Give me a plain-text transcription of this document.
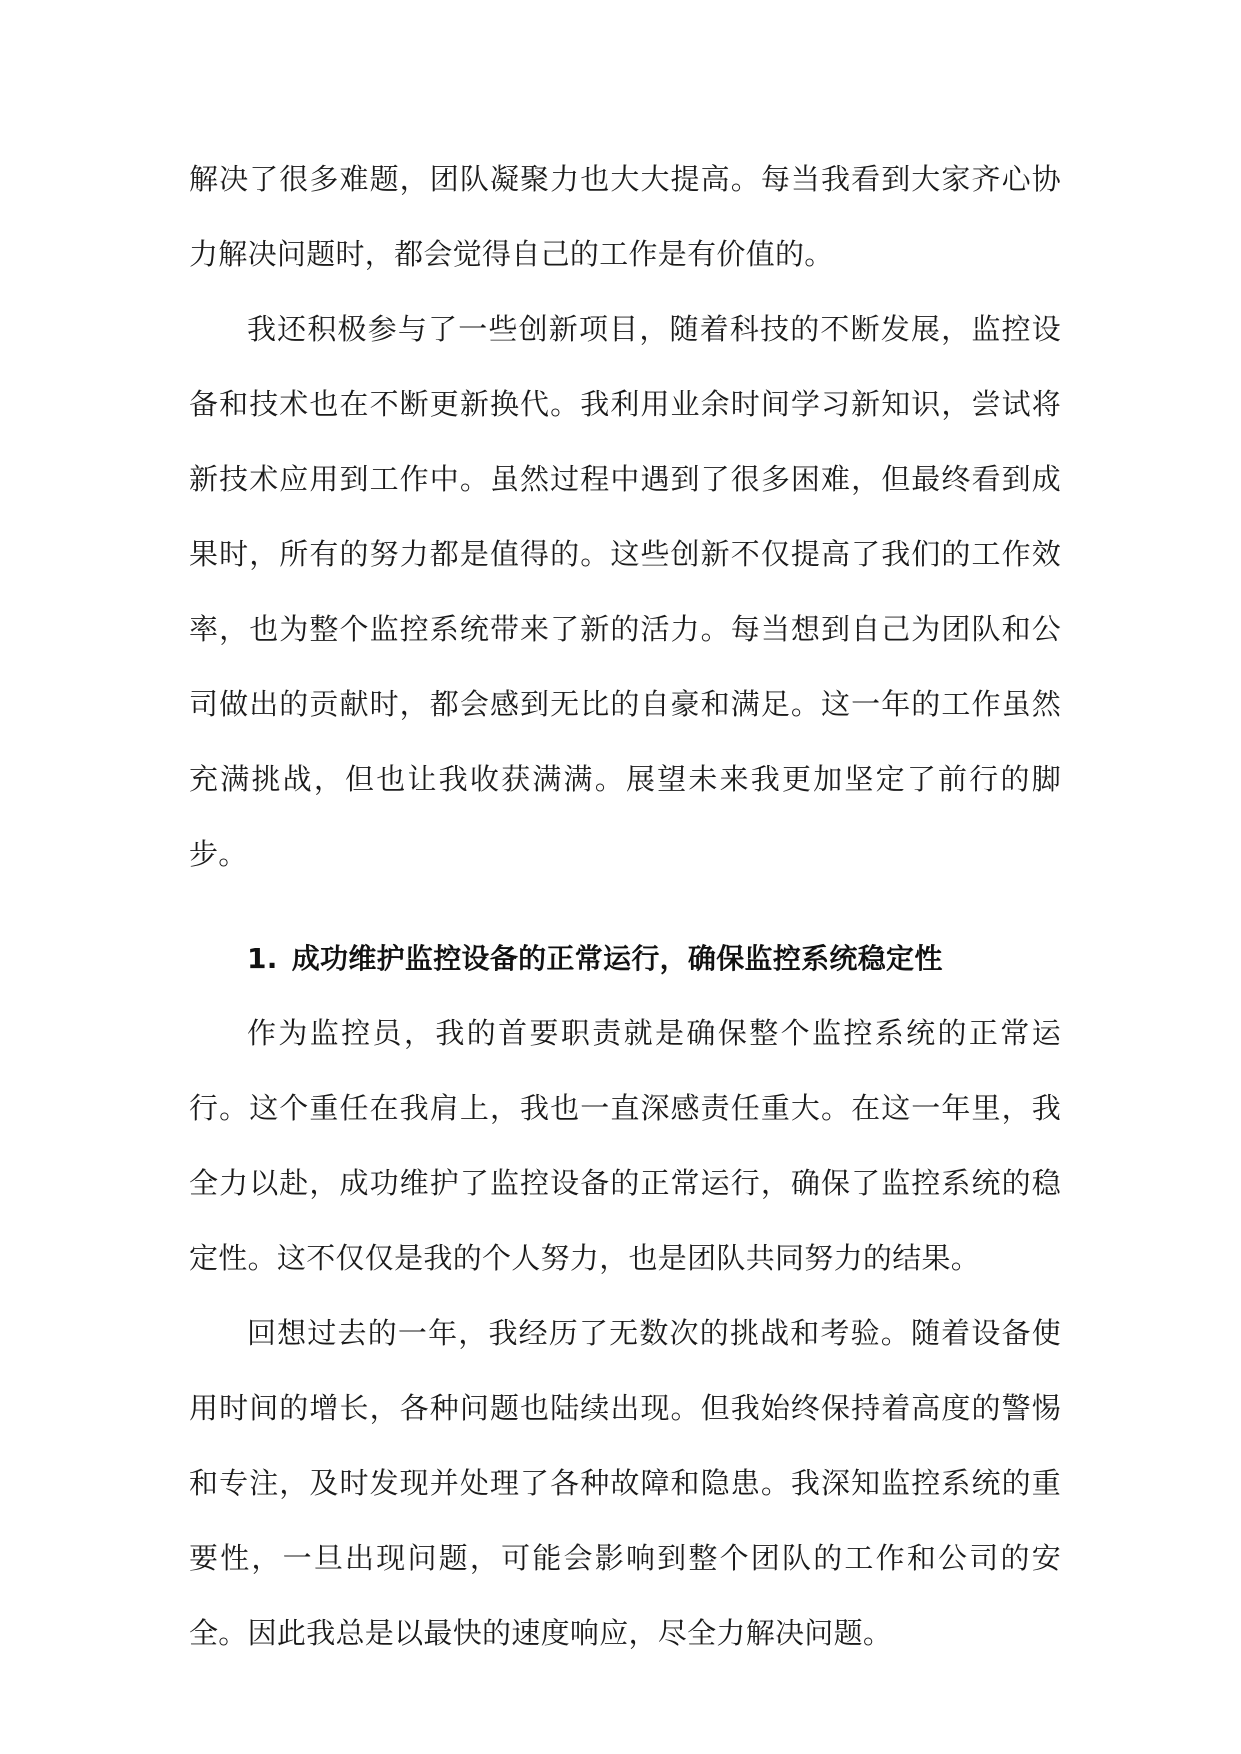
解决了很多难题，团队凝聚力也大大提高。每当我看到大家齐心协力解决问题时，都会觉得自己的工作是有价值的。

我还积极参与了一些创新项目，随着科技的不断发展，监控设备和技术也在不断更新换代。我利用业余时间学习新知识，尝试将新技术应用到工作中。虽然过程中遇到了很多困难，但最终看到成果时，所有的努力都是值得的。这些创新不仅提高了我们的工作效率，也为整个监控系统带来了新的活力。每当想到自己为团队和公司做出的贡献时，都会感到无比的自豪和满足。这一年的工作虽然充满挑战，但也让我收获满满。展望未来我更加坚定了前行的脚步。

1. 成功维护监控设备的正常运行，确保监控系统稳定性

作为监控员，我的首要职责就是确保整个监控系统的正常运行。这个重任在我肩上，我也一直深感责任重大。在这一年里，我全力以赴，成功维护了监控设备的正常运行，确保了监控系统的稳定性。这不仅仅是我的个人努力，也是团队共同努力的结果。

回想过去的一年，我经历了无数次的挑战和考验。随着设备使用时间的增长，各种问题也陆续出现。但我始终保持着高度的警惕和专注，及时发现并处理了各种故障和隐患。我深知监控系统的重要性，一旦出现问题，可能会影响到整个团队的工作和公司的安全。因此我总是以最快的速度响应，尽全力解决问题。
